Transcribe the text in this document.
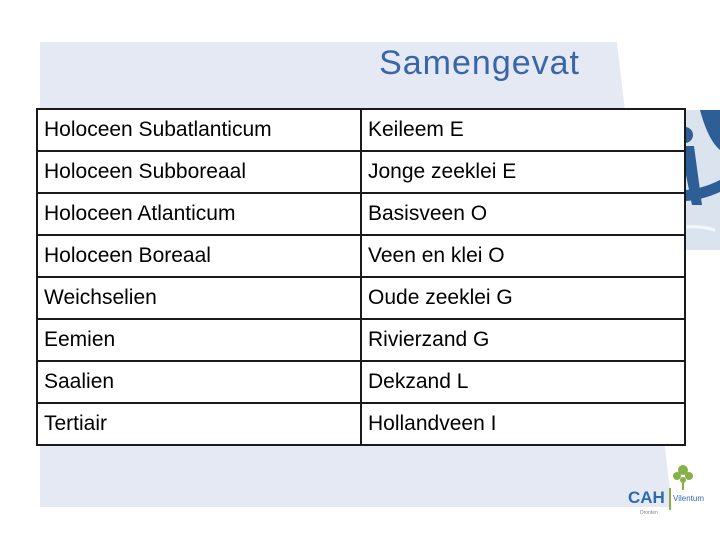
Samengevat
Holoceen Subatlanticum	Keileem E
Holoceen Subboreaal	Jonge zeeklei E
Holoceen Atlanticum	Basisveen O
Holoceen Boreaal	Veen en klei O
Weichselien	Oude zeeklei G
Eemien	Rivierzand G
Saalien	Dekzand L
Tertiair	Hollandveen I
CAH Vilentum
Dronten
